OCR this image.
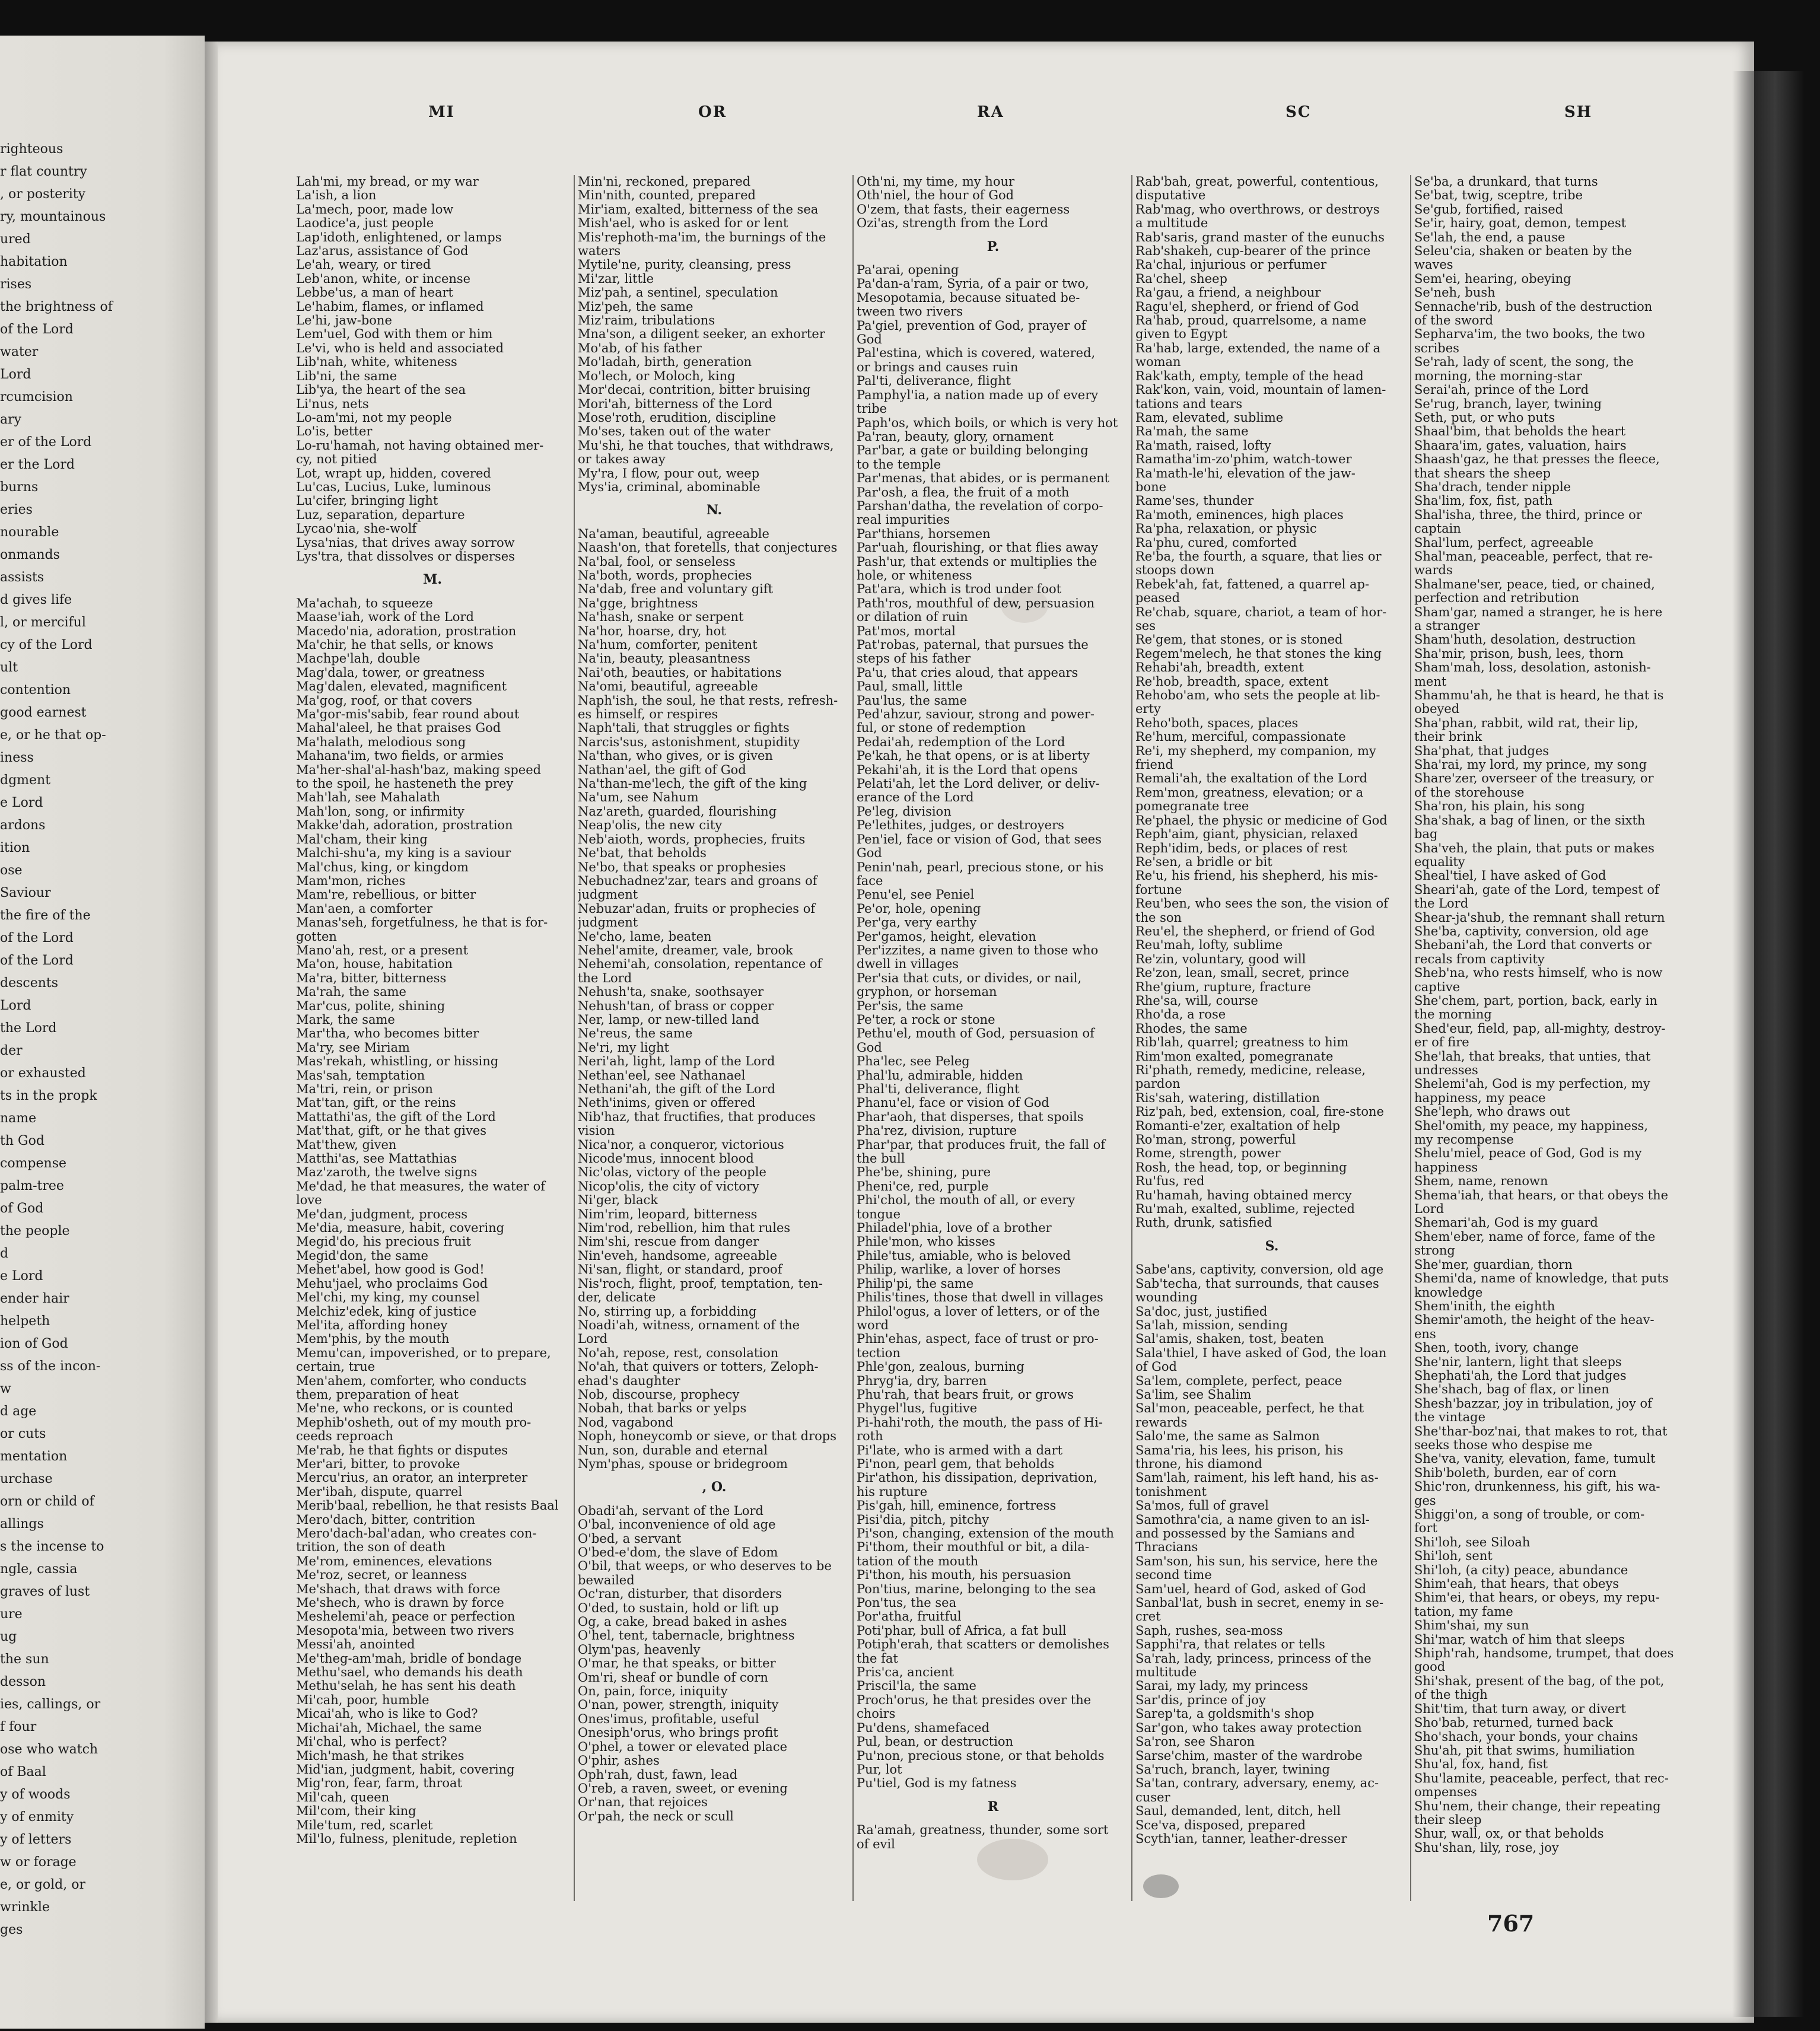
righteous
r flat country
, or posterity
ry, mountainous
ured
habitation
rises
the brightness of
of the Lord
water
Lord
rcumcision
ary
er of the Lord
er the Lord
burns
eries
nourable
onmands
assists
d gives life
l, or merciful
cy of the Lord
ult
contention
good earnest
e, or he that op-
iness
dgment
e Lord
ardons
ition
ose
Saviour
the fire of the
of the Lord
of the Lord
descents
Lord
the Lord
der
or exhausted
ts in the propk
name
th God
compense
palm-tree
of God
the people
d
e Lord
ender hair
helpeth
ion of God
ss of the incon-
w
d age
or cuts
mentation
urchase
orn or child of
allings
s the incense to
ngle, cassia
graves of lust
ure
ug
the sun
desson
ies, callings, or
f four
ose who watch
of Baal
y of woods
y of enmity
y of letters
w or forage
e, or gold, or
wrinkle
ges
MI	OR	RA	SC	SH
Lah'mi, my bread, or my war
La'ish, a lion
La'mech, poor, made low
Laodice'a, just people
Lap'idoth, enlightened, or lamps
Laz'arus, assistance of God
Le'ah, weary, or tired
Leb'anon, white, or incense
Lebbe'us, a man of heart
Le'habim, flames, or inflamed
Le'hi, jaw-bone
Lem'uel, God with them or him
Le'vi, who is held and associated
Lib'nah, white, whiteness
Lib'ni, the same
Lib'ya, the heart of the sea
Li'nus, nets
Lo-am'mi, not my people
Lo'is, better
Lo-ru'hamah, not having obtained mer-
cy, not pitied
Lot, wrapt up, hidden, covered
Lu'cas, Lucius, Luke, luminous
Lu'cifer, bringing light
Luz, separation, departure
Lycao'nia, she-wolf
Lysa'nias, that drives away sorrow
Lys'tra, that dissolves or disperses
M.
Ma'achah, to squeeze
Maase'iah, work of the Lord
Macedo'nia, adoration, prostration
Ma'chir, he that sells, or knows
Machpe'lah, double
Mag'dala, tower, or greatness
Mag'dalen, elevated, magnificent
Ma'gog, roof, or that covers
Ma'gor-mis'sabib, fear round about
Mahal'aleel, he that praises God
Ma'halath, melodious song
Mahana'im, two fields, or armies
Ma'her-shal'al-hash'baz, making speed
to the spoil, he hasteneth the prey
Mah'lah, see Mahalath
Mah'lon, song, or infirmity
Makke'dah, adoration, prostration
Mal'cham, their king
Malchi-shu'a, my king is a saviour
Mal'chus, king, or kingdom
Mam'mon, riches
Mam're, rebellious, or bitter
Man'aen, a comforter
Manas'seh, forgetfulness, he that is for-
gotten
Mano'ah, rest, or a present
Ma'on, house, habitation
Ma'ra, bitter, bitterness
Ma'rah, the same
Mar'cus, polite, shining
Mark, the same
Mar'tha, who becomes bitter
Ma'ry, see Miriam
Mas'rekah, whistling, or hissing
Mas'sah, temptation
Ma'tri, rein, or prison
Mat'tan, gift, or the reins
Mattathi'as, the gift of the Lord
Mat'that, gift, or he that gives
Mat'thew, given
Matthi'as, see Mattathias
Maz'zaroth, the twelve signs
Me'dad, he that measures, the water of
love
Me'dan, judgment, process
Me'dia, measure, habit, covering
Megid'do, his precious fruit
Megid'don, the same
Mehet'abel, how good is God!
Mehu'jael, who proclaims God
Mel'chi, my king, my counsel
Melchiz'edek, king of justice
Mel'ita, affording honey
Mem'phis, by the mouth
Memu'can, impoverished, or to prepare,
certain, true
Men'ahem, comforter, who conducts
them, preparation of heat
Me'ne, who reckons, or is counted
Mephib'osheth, out of my mouth pro-
ceeds reproach
Me'rab, he that fights or disputes
Mer'ari, bitter, to provoke
Mercu'rius, an orator, an interpreter
Mer'ibah, dispute, quarrel
Merib'baal, rebellion, he that resists Baal
Mero'dach, bitter, contrition
Mero'dach-bal'adan, who creates con-
trition, the son of death
Me'rom, eminences, elevations
Me'roz, secret, or leanness
Me'shach, that draws with force
Me'shech, who is drawn by force
Meshelemi'ah, peace or perfection
Mesopota'mia, between two rivers
Messi'ah, anointed
Me'theg-am'mah, bridle of bondage
Methu'sael, who demands his death
Methu'selah, he has sent his death
Mi'cah, poor, humble
Micai'ah, who is like to God?
Michai'ah, Michael, the same
Mi'chal, who is perfect?
Mich'mash, he that strikes
Mid'ian, judgment, habit, covering
Mig'ron, fear, farm, throat
Mil'cah, queen
Mil'com, their king
Mile'tum, red, scarlet
Mil'lo, fulness, plenitude, repletion
Min'ni, reckoned, prepared
Min'nith, counted, prepared
Mir'iam, exalted, bitterness of the sea
Mish'ael, who is asked for or lent
Mis'rephoth-ma'im, the burnings of the
waters
Mytile'ne, purity, cleansing, press
Mi'zar, little
Miz'pah, a sentinel, speculation
Miz'peh, the same
Miz'raim, tribulations
Mna'son, a diligent seeker, an exhorter
Mo'ab, of his father
Mo'ladah, birth, generation
Mo'lech, or Moloch, king
Mor'decai, contrition, bitter bruising
Mori'ah, bitterness of the Lord
Mose'roth, erudition, discipline
Mo'ses, taken out of the water
Mu'shi, he that touches, that withdraws,
or takes away
My'ra, I flow, pour out, weep
Mys'ia, criminal, abominable
N.
Na'aman, beautiful, agreeable
Naash'on, that foretells, that conjectures
Na'bal, fool, or senseless
Na'both, words, prophecies
Na'dab, free and voluntary gift
Na'gge, brightness
Na'hash, snake or serpent
Na'hor, hoarse, dry, hot
Na'hum, comforter, penitent
Na'in, beauty, pleasantness
Nai'oth, beauties, or habitations
Na'omi, beautiful, agreeable
Naph'ish, the soul, he that rests, refresh-
es himself, or respires
Naph'tali, that struggles or fights
Narcis'sus, astonishment, stupidity
Na'than, who gives, or is given
Nathan'ael, the gift of God
Na'than-me'lech, the gift of the king
Na'um, see Nahum
Naz'areth, guarded, flourishing
Neap'olis, the new city
Neb'aioth, words, prophecies, fruits
Ne'bat, that beholds
Ne'bo, that speaks or prophesies
Nebuchadnez'zar, tears and groans of
judgment
Nebuzar'adan, fruits or prophecies of
judgment
Ne'cho, lame, beaten
Nehel'amite, dreamer, vale, brook
Nehemi'ah, consolation, repentance of
the Lord
Nehush'ta, snake, soothsayer
Nehush'tan, of brass or copper
Ner, lamp, or new-tilled land
Ne'reus, the same
Ne'ri, my light
Neri'ah, light, lamp of the Lord
Nethan'eel, see Nathanael
Nethani'ah, the gift of the Lord
Neth'inims, given or offered
Nib'haz, that fructifies, that produces
vision
Nica'nor, a conqueror, victorious
Nicode'mus, innocent blood
Nic'olas, victory of the people
Nicop'olis, the city of victory
Ni'ger, black
Nim'rim, leopard, bitterness
Nim'rod, rebellion, him that rules
Nim'shi, rescue from danger
Nin'eveh, handsome, agreeable
Ni'san, flight, or standard, proof
Nis'roch, flight, proof, temptation, ten-
der, delicate
No, stirring up, a forbidding
Noadi'ah, witness, ornament of the
Lord
No'ah, repose, rest, consolation
No'ah, that quivers or totters, Zeloph-
ehad's daughter
Nob, discourse, prophecy
Nobah, that barks or yelps
Nod, vagabond
Noph, honeycomb or sieve, or that drops
Nun, son, durable and eternal
Nym'phas, spouse or bridegroom
, O.
Obadi'ah, servant of the Lord
O'bal, inconvenience of old age
O'bed, a servant
O'bed-e'dom, the slave of Edom
O'bil, that weeps, or who deserves to be
bewailed
Oc'ran, disturber, that disorders
O'ded, to sustain, hold or lift up
Og, a cake, bread baked in ashes
O'hel, tent, tabernacle, brightness
Olym'pas, heavenly
O'mar, he that speaks, or bitter
Om'ri, sheaf or bundle of corn
On, pain, force, iniquity
O'nan, power, strength, iniquity
Ones'imus, profitable, useful
Onesiph'orus, who brings profit
O'phel, a tower or elevated place
O'phir, ashes
Oph'rah, dust, fawn, lead
O'reb, a raven, sweet, or evening
Or'nan, that rejoices
Or'pah, the neck or scull
Oth'ni, my time, my hour
Oth'niel, the hour of God
O'zem, that fasts, their eagerness
Ozi'as, strength from the Lord
P.
Pa'arai, opening
Pa'dan-a'ram, Syria, of a pair or two,
Mesopotamia, because situated be-
tween two rivers
Pa'giel, prevention of God, prayer of
God
Pal'estina, which is covered, watered,
or brings and causes ruin
Pal'ti, deliverance, flight
Pamphyl'ia, a nation made up of every
tribe
Paph'os, which boils, or which is very hot
Pa'ran, beauty, glory, ornament
Par'bar, a gate or building belonging
to the temple
Par'menas, that abides, or is permanent
Par'osh, a flea, the fruit of a moth
Parshan'datha, the revelation of corpo-
real impurities
Par'thians, horsemen
Par'uah, flourishing, or that flies away
Pash'ur, that extends or multiplies the
hole, or whiteness
Pat'ara, which is trod under foot
Path'ros, mouthful of dew, persuasion
or dilation of ruin
Pat'mos, mortal
Pat'robas, paternal, that pursues the
steps of his father
Pa'u, that cries aloud, that appears
Paul, small, little
Pau'lus, the same
Ped'ahzur, saviour, strong and power-
ful, or stone of redemption
Pedai'ah, redemption of the Lord
Pe'kah, he that opens, or is at liberty
Pekahi'ah, it is the Lord that opens
Pelati'ah, let the Lord deliver, or deliv-
erance of the Lord
Pe'leg, division
Pe'lethites, judges, or destroyers
Pen'iel, face or vision of God, that sees
God
Penin'nah, pearl, precious stone, or his
face
Penu'el, see Peniel
Pe'or, hole, opening
Per'ga, very earthy
Per'gamos, height, elevation
Per'izzites, a name given to those who
dwell in villages
Per'sia that cuts, or divides, or nail,
gryphon, or horseman
Per'sis, the same
Pe'ter, a rock or stone
Pethu'el, mouth of God, persuasion of
God
Pha'lec, see Peleg
Phal'lu, admirable, hidden
Phal'ti, deliverance, flight
Phanu'el, face or vision of God
Phar'aoh, that disperses, that spoils
Pha'rez, division, rupture
Phar'par, that produces fruit, the fall of
the bull
Phe'be, shining, pure
Pheni'ce, red, purple
Phi'chol, the mouth of all, or every
tongue
Philadel'phia, love of a brother
Phile'mon, who kisses
Phile'tus, amiable, who is beloved
Philip, warlike, a lover of horses
Philip'pi, the same
Philis'tines, those that dwell in villages
Philol'ogus, a lover of letters, or of the
word
Phin'ehas, aspect, face of trust or pro-
tection
Phle'gon, zealous, burning
Phryg'ia, dry, barren
Phu'rah, that bears fruit, or grows
Phygel'lus, fugitive
Pi-hahi'roth, the mouth, the pass of Hi-
roth
Pi'late, who is armed with a dart
Pi'non, pearl gem, that beholds
Pir'athon, his dissipation, deprivation,
his rupture
Pis'gah, hill, eminence, fortress
Pisi'dia, pitch, pitchy
Pi'son, changing, extension of the mouth
Pi'thom, their mouthful or bit, a dila-
tation of the mouth
Pi'thon, his mouth, his persuasion
Pon'tius, marine, belonging to the sea
Pon'tus, the sea
Por'atha, fruitful
Poti'phar, bull of Africa, a fat bull
Potiph'erah, that scatters or demolishes
the fat
Pris'ca, ancient
Priscil'la, the same
Proch'orus, he that presides over the
choirs
Pu'dens, shamefaced
Pul, bean, or destruction
Pu'non, precious stone, or that beholds
Pur, lot
Pu'tiel, God is my fatness
R
Ra'amah, greatness, thunder, some sort
of evil
Rab'bah, great, powerful, contentious,
disputative
Rab'mag, who overthrows, or destroys
a multitude
Rab'saris, grand master of the eunuchs
Rab'shakeh, cup-bearer of the prince
Ra'chal, injurious or perfumer
Ra'chel, sheep
Ra'gau, a friend, a neighbour
Ragu'el, shepherd, or friend of God
Ra'hab, proud, quarrelsome, a name
given to Egypt
Ra'hab, large, extended, the name of a
woman
Rak'kath, empty, temple of the head
Rak'kon, vain, void, mountain of lamen-
tations and tears
Ram, elevated, sublime
Ra'mah, the same
Ra'math, raised, lofty
Ramatha'im-zo'phim, watch-tower
Ra'math-le'hi, elevation of the jaw-
bone
Rame'ses, thunder
Ra'moth, eminences, high places
Ra'pha, relaxation, or physic
Ra'phu, cured, comforted
Re'ba, the fourth, a square, that lies or
stoops down
Rebek'ah, fat, fattened, a quarrel ap-
peased
Re'chab, square, chariot, a team of hor-
ses
Re'gem, that stones, or is stoned
Regem'melech, he that stones the king
Rehabi'ah, breadth, extent
Re'hob, breadth, space, extent
Rehobo'am, who sets the people at lib-
erty
Reho'both, spaces, places
Re'hum, merciful, compassionate
Re'i, my shepherd, my companion, my
friend
Remali'ah, the exaltation of the Lord
Rem'mon, greatness, elevation; or a
pomegranate tree
Re'phael, the physic or medicine of God
Reph'aim, giant, physician, relaxed
Reph'idim, beds, or places of rest
Re'sen, a bridle or bit
Re'u, his friend, his shepherd, his mis-
fortune
Reu'ben, who sees the son, the vision of
the son
Reu'el, the shepherd, or friend of God
Reu'mah, lofty, sublime
Re'zin, voluntary, good will
Re'zon, lean, small, secret, prince
Rhe'gium, rupture, fracture
Rhe'sa, will, course
Rho'da, a rose
Rhodes, the same
Rib'lah, quarrel; greatness to him
Rim'mon exalted, pomegranate
Ri'phath, remedy, medicine, release,
pardon
Ris'sah, watering, distillation
Riz'pah, bed, extension, coal, fire-stone
Romanti-e'zer, exaltation of help
Ro'man, strong, powerful
Rome, strength, power
Rosh, the head, top, or beginning
Ru'fus, red
Ru'hamah, having obtained mercy
Ru'mah, exalted, sublime, rejected
Ruth, drunk, satisfied
S.
Sabe'ans, captivity, conversion, old age
Sab'techa, that surrounds, that causes
wounding
Sa'doc, just, justified
Sa'lah, mission, sending
Sal'amis, shaken, tost, beaten
Sala'thiel, I have asked of God, the loan
of God
Sa'lem, complete, perfect, peace
Sa'lim, see Shalim
Sal'mon, peaceable, perfect, he that
rewards
Salo'me, the same as Salmon
Sama'ria, his lees, his prison, his
throne, his diamond
Sam'lah, raiment, his left hand, his as-
tonishment
Sa'mos, full of gravel
Samothra'cia, a name given to an isl-
and possessed by the Samians and
Thracians
Sam'son, his sun, his service, here the
second time
Sam'uel, heard of God, asked of God
Sanbal'lat, bush in secret, enemy in se-
cret
Saph, rushes, sea-moss
Sapphi'ra, that relates or tells
Sa'rah, lady, princess, princess of the
multitude
Sarai, my lady, my princess
Sar'dis, prince of joy
Sarep'ta, a goldsmith's shop
Sar'gon, who takes away protection
Sa'ron, see Sharon
Sarse'chim, master of the wardrobe
Sa'ruch, branch, layer, twining
Sa'tan, contrary, adversary, enemy, ac-
cuser
Saul, demanded, lent, ditch, hell
Sce'va, disposed, prepared
Scyth'ian, tanner, leather-dresser
Se'ba, a drunkard, that turns
Se'bat, twig, sceptre, tribe
Se'gub, fortified, raised
Se'ir, hairy, goat, demon, tempest
Se'lah, the end, a pause
Seleu'cia, shaken or beaten by the
waves
Sem'ei, hearing, obeying
Se'neh, bush
Sennache'rib, bush of the destruction
of the sword
Sepharva'im, the two books, the two
scribes
Se'rah, lady of scent, the song, the
morning, the morning-star
Serai'ah, prince of the Lord
Se'rug, branch, layer, twining
Seth, put, or who puts
Shaal'bim, that beholds the heart
Shaara'im, gates, valuation, hairs
Shaash'gaz, he that presses the fleece,
that shears the sheep
Sha'drach, tender nipple
Sha'lim, fox, fist, path
Shal'isha, three, the third, prince or
captain
Shal'lum, perfect, agreeable
Shal'man, peaceable, perfect, that re-
wards
Shalmane'ser, peace, tied, or chained,
perfection and retribution
Sham'gar, named a stranger, he is here
a stranger
Sham'huth, desolation, destruction
Sha'mir, prison, bush, lees, thorn
Sham'mah, loss, desolation, astonish-
ment
Shammu'ah, he that is heard, he that is
obeyed
Sha'phan, rabbit, wild rat, their lip,
their brink
Sha'phat, that judges
Sha'rai, my lord, my prince, my song
Share'zer, overseer of the treasury, or
of the storehouse
Sha'ron, his plain, his song
Sha'shak, a bag of linen, or the sixth
bag
Sha'veh, the plain, that puts or makes
equality
Sheal'tiel, I have asked of God
Sheari'ah, gate of the Lord, tempest of
the Lord
Shear-ja'shub, the remnant shall return
She'ba, captivity, conversion, old age
Shebani'ah, the Lord that converts or
recals from captivity
Sheb'na, who rests himself, who is now
captive
She'chem, part, portion, back, early in
the morning
Shed'eur, field, pap, all-mighty, destroy-
er of fire
She'lah, that breaks, that unties, that
undresses
Shelemi'ah, God is my perfection, my
happiness, my peace
She'leph, who draws out
Shel'omith, my peace, my happiness,
my recompense
Shelu'miel, peace of God, God is my
happiness
Shem, name, renown
Shema'iah, that hears, or that obeys the
Lord
Shemari'ah, God is my guard
Shem'eber, name of force, fame of the
strong
She'mer, guardian, thorn
Shemi'da, name of knowledge, that puts
knowledge
Shem'inith, the eighth
Shemir'amoth, the height of the heav-
ens
Shen, tooth, ivory, change
She'nir, lantern, light that sleeps
Shephati'ah, the Lord that judges
She'shach, bag of flax, or linen
Shesh'bazzar, joy in tribulation, joy of
the vintage
She'thar-boz'nai, that makes to rot, that
seeks those who despise me
She'va, vanity, elevation, fame, tumult
Shib'boleth, burden, ear of corn
Shic'ron, drunkenness, his gift, his wa-
ges
Shiggi'on, a song of trouble, or com-
fort
Shi'loh, see Siloah
Shi'loh, sent
Shi'loh, (a city) peace, abundance
Shim'eah, that hears, that obeys
Shim'ei, that hears, or obeys, my repu-
tation, my fame
Shim'shai, my sun
Shi'mar, watch of him that sleeps
Shiph'rah, handsome, trumpet, that does
good
Shi'shak, present of the bag, of the pot,
of the thigh
Shit'tim, that turn away, or divert
Sho'bab, returned, turned back
Sho'shach, your bonds, your chains
Shu'ah, pit that swims, humiliation
Shu'al, fox, hand, fist
Shu'lamite, peaceable, perfect, that rec-
ompenses
Shu'nem, their change, their repeating
their sleep
Shur, wall, ox, or that beholds
Shu'shan, lily, rose, joy
767
